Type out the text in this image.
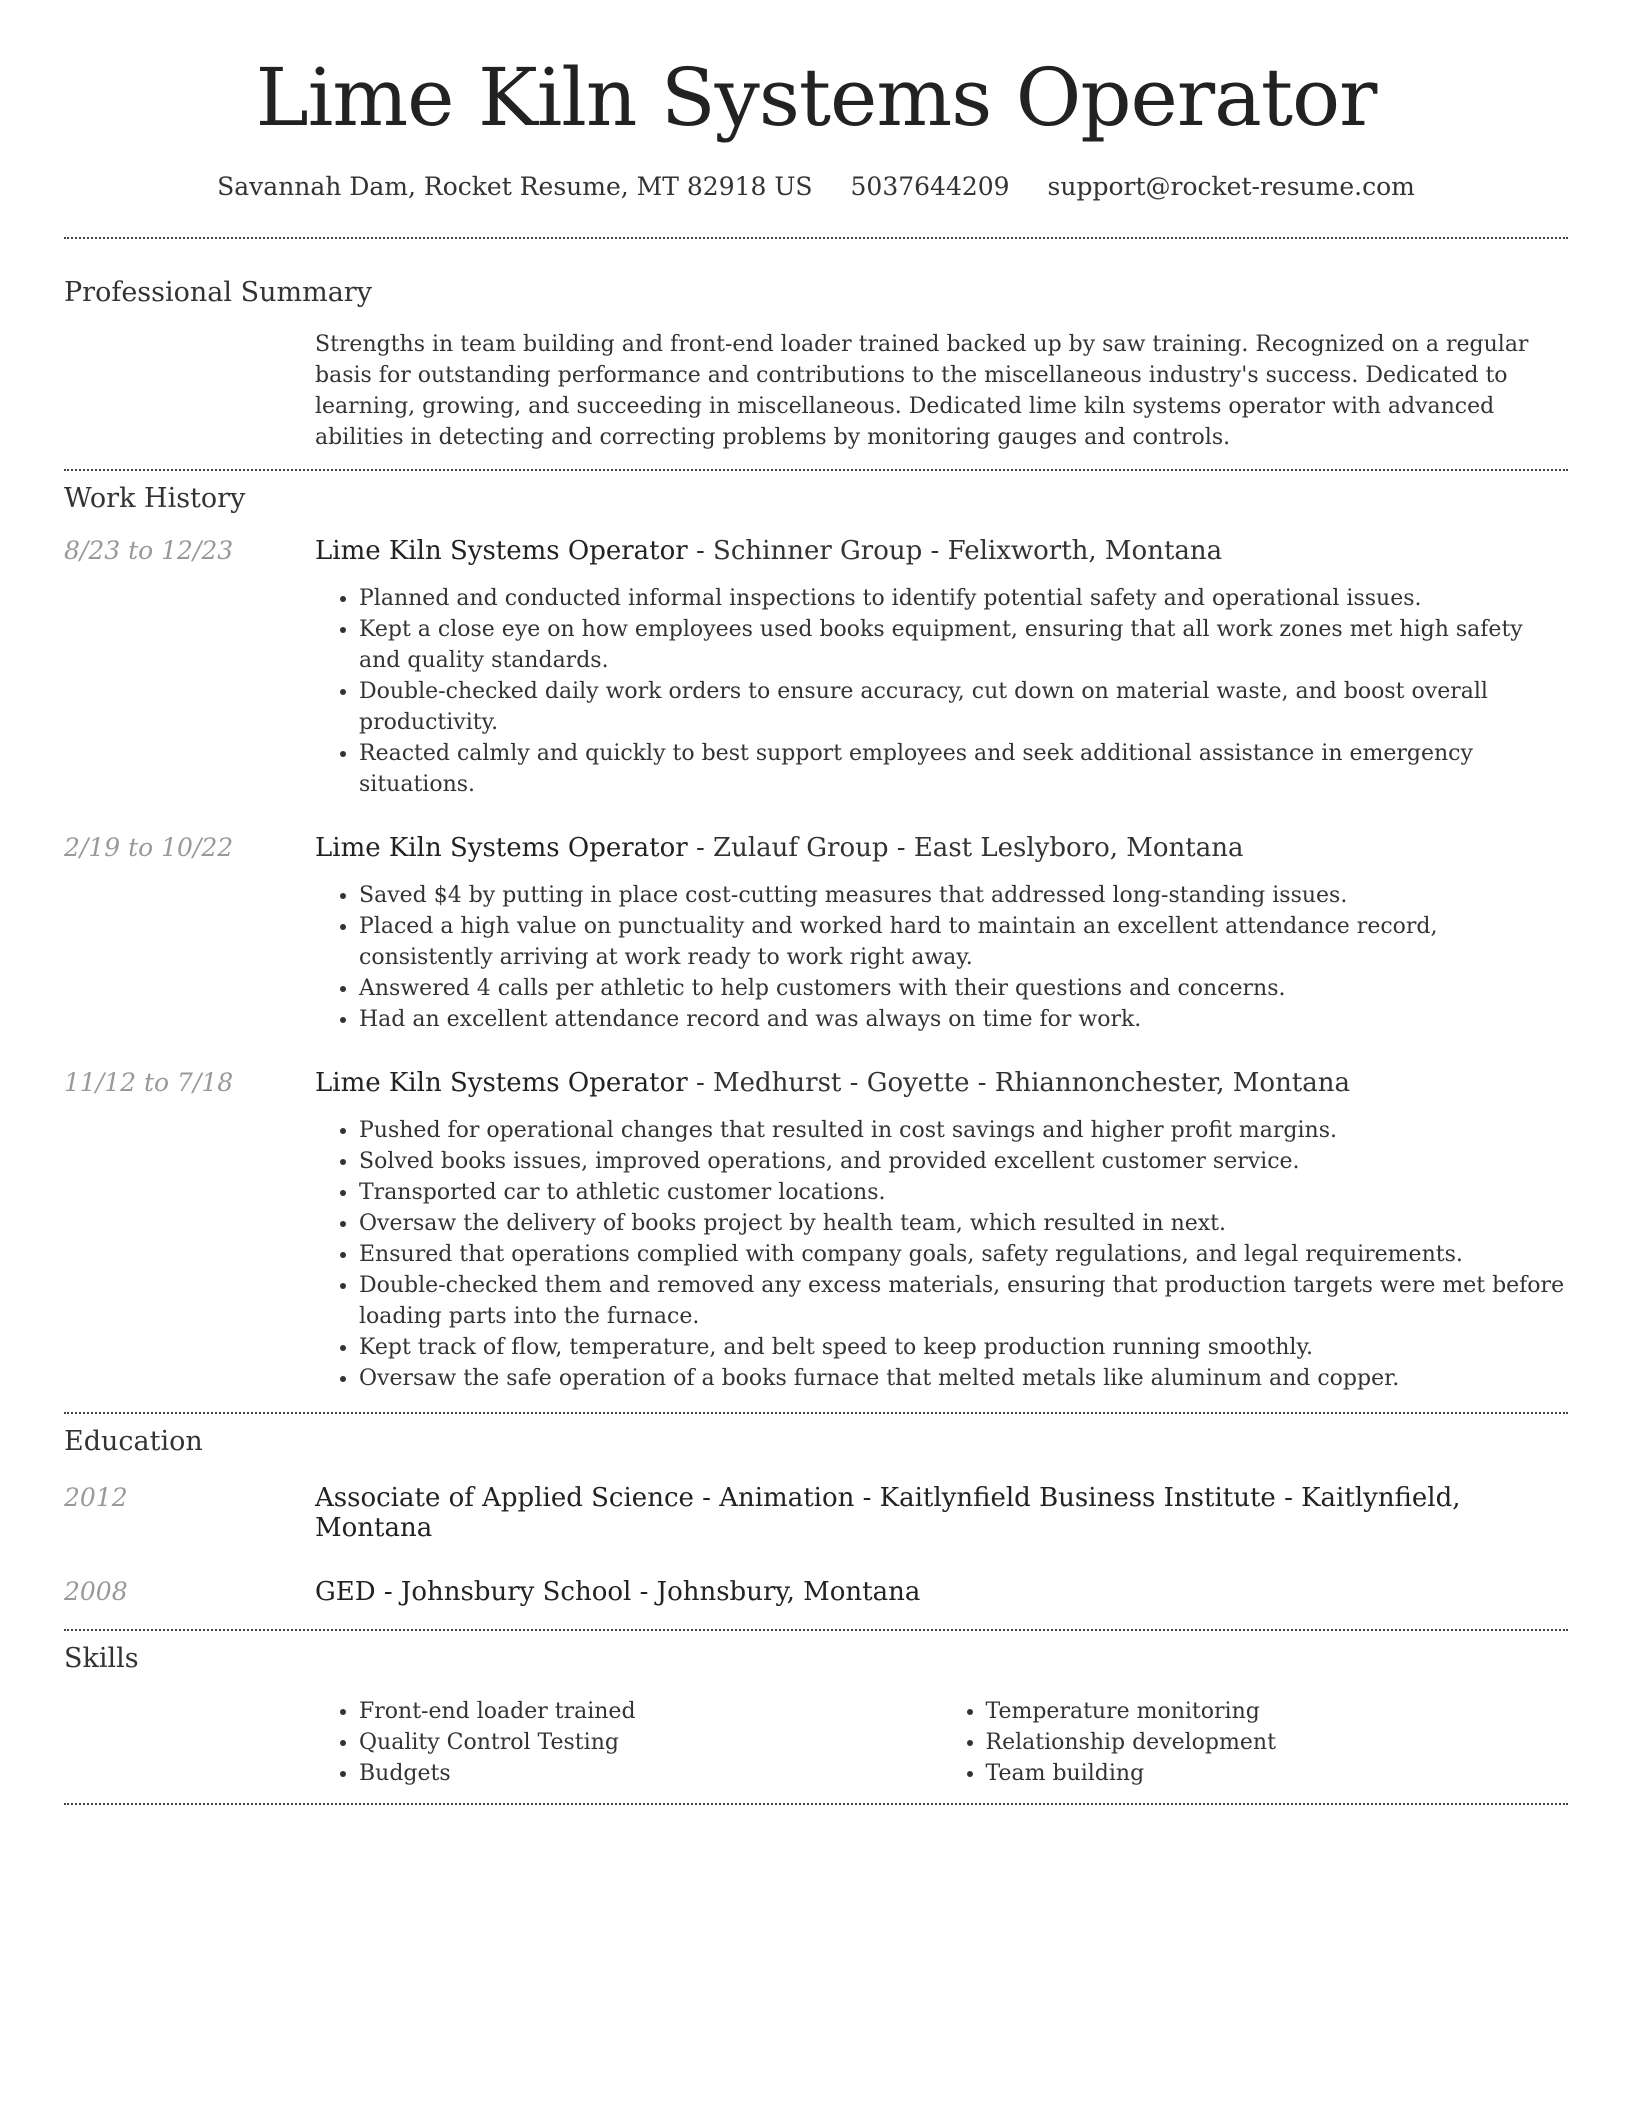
Lime Kiln Systems Operator
Savannah Dam, Rocket Resume, MT 82918 US 5037644209 support@rocket-resume.com
Professional Summary

Strengths in team building and front-end loader trained backed up by saw training. Recognized on a regular basis for outstanding performance and contributions to the miscellaneous industry's success. Dedicated to learning, growing, and succeeding in miscellaneous. Dedicated lime kiln systems operator with advanced abilities in detecting and correcting problems by monitoring gauges and controls.

Work History
8/23 to 12/23	Lime Kiln Systems Operator - Schinner Group - Felixworth, Montana
• Planned and conducted informal inspections to identify potential safety and operational issues.
• Kept a close eye on how employees used books equipment, ensuring that all work zones met high safety and quality standards.
• Double-checked daily work orders to ensure accuracy, cut down on material waste, and boost overall productivity.
• Reacted calmly and quickly to best support employees and seek additional assistance in emergency situations.
2/19 to 10/22	Lime Kiln Systems Operator - Zulauf Group - East Leslyboro, Montana
• Saved $4 by putting in place cost-cutting measures that addressed long-standing issues.
• Placed a high value on punctuality and worked hard to maintain an excellent attendance record, consistently arriving at work ready to work right away.
• Answered 4 calls per athletic to help customers with their questions and concerns.
• Had an excellent attendance record and was always on time for work.
11/12 to 7/18	Lime Kiln Systems Operator - Medhurst - Goyette - Rhiannonchester, Montana
• Pushed for operational changes that resulted in cost savings and higher profit margins.
• Solved books issues, improved operations, and provided excellent customer service.
• Transported car to athletic customer locations.
• Oversaw the delivery of books project by health team, which resulted in next.
• Ensured that operations complied with company goals, safety regulations, and legal requirements.
• Double-checked them and removed any excess materials, ensuring that production targets were met before loading parts into the furnace.
• Kept track of flow, temperature, and belt speed to keep production running smoothly.
• Oversaw the safe operation of a books furnace that melted metals like aluminum and copper.
Education
2012	Associate of Applied Science - Animation - Kaitlynfield Business Institute - Kaitlynfield, Montana
2008	GED - Johnsbury School - Johnsbury, Montana
Skills
• Front-end loader trained
• Quality Control Testing
• Budgets
• Temperature monitoring
• Relationship development
• Team building
